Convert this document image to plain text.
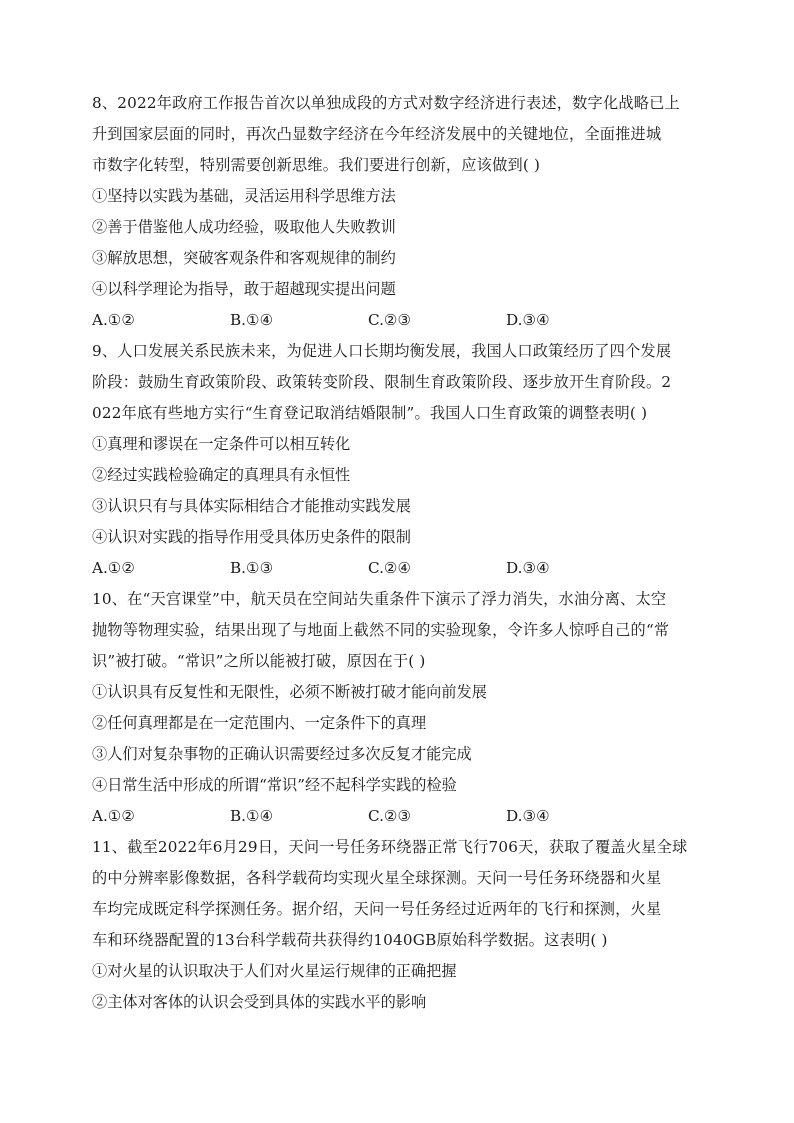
8、2022年政府工作报告首次以单独成段的方式对数字经济进行表述，数字化战略已上
升到国家层面的同时，再次凸显数字经济在今年经济发展中的关键地位，全面推进城
市数字化转型，特别需要创新思维。我们要进行创新，应该做到( )
①坚持以实践为基础，灵活运用科学思维方法
②善于借鉴他人成功经验，吸取他人失败教训
③解放思想，突破客观条件和客观规律的制约
④以科学理论为指导，敢于超越现实提出问题
A.①②	B.①④	C.②③	D.③④
9、人口发展关系民族未来，为促进人口长期均衡发展，我国人口政策经历了四个发展
阶段：鼓励生育政策阶段、政策转变阶段、限制生育政策阶段、逐步放开生育阶段。2
022年底有些地方实行“生育登记取消结婚限制”。我国人口生育政策的调整表明( )
①真理和谬误在一定条件可以相互转化
②经过实践检验确定的真理具有永恒性
③认识只有与具体实际相结合才能推动实践发展
④认识对实践的指导作用受具体历史条件的限制
A.①②	B.①③	C.②④	D.③④
10、在“天宫课堂”中，航天员在空间站失重条件下演示了浮力消失，水油分离、太空
抛物等物理实验，结果出现了与地面上截然不同的实验现象，令许多人惊呼自己的“常
识”被打破。“常识”之所以能被打破，原因在于( )
①认识具有反复性和无限性，必须不断被打破才能向前发展
②任何真理都是在一定范围内、一定条件下的真理
③人们对复杂事物的正确认识需要经过多次反复才能完成
④日常生活中形成的所谓“常识”经不起科学实践的检验
A.①②	B.①④	C.②③	D.③④
11、截至2022年6月29日，天问一号任务环绕器正常飞行706天，获取了覆盖火星全球
的中分辨率影像数据，各科学载荷均实现火星全球探测。天问一号任务环绕器和火星
车均完成既定科学探测任务。据介绍，天问一号任务经过近两年的飞行和探测，火星
车和环绕器配置的13台科学载荷共获得约1040GB原始科学数据。这表明( )
①对火星的认识取决于人们对火星运行规律的正确把握
②主体对客体的认识会受到具体的实践水平的影响
